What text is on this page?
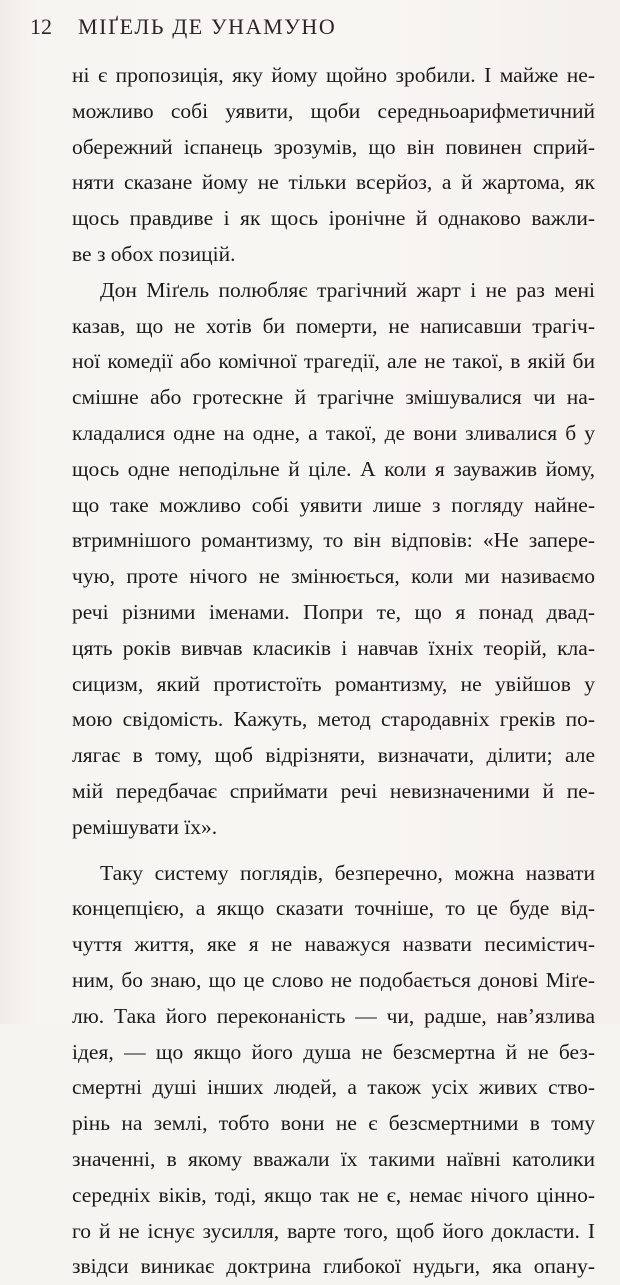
12 МІҐЕЛЬ ДЕ УНАМУНО
ні є пропозиція, яку йому щойно зробили. І майже не-
можливо собі уявити, щоби середньоарифметичний
обережний іспанець зрозумів, що він повинен сприй-
няти сказане йому не тільки всерйоз, а й жартома, як
щось правдиве і як щось іронічне й однаково важли-
ве з обох позицій.
Дон Міґель полюбляє трагічний жарт і не раз мені
казав, що не хотів би померти, не написавши трагіч-
ної комедії або комічної трагедії, але не такої, в якій би
смішне або гротескне й трагічне змішувалися чи на-
кладалися одне на одне, а такої, де вони зливалися б у
щось одне неподільне й ціле. А коли я зауважив йому,
що таке можливо собі уявити лише з погляду найне-
втримнішого романтизму, то він відповів: «Не запере-
чую, проте нічого не змінюється, коли ми називаємо
речі різними іменами. Попри те, що я понад двад-
цять років вивчав класиків і навчав їхніх теорій, кла-
сицизм, який протистоїть романтизму, не увійшов у
мою свідомість. Кажуть, метод стародавніх греків по-
лягає в тому, щоб відрізняти, визначати, ділити; але
мій передбачає сприймати речі невизначеними й пе-
ремішувати їх».
Таку систему поглядів, безперечно, можна назвати
концепцією, а якщо сказати точніше, то це буде від-
чуття життя, яке я не наважуся назвати песимістич-
ним, бо знаю, що це слово не подобається донові Міґе-
лю. Така його переконаність — чи, радше, нав’язлива
ідея, — що якщо його душа не безсмертна й не без-
смертні душі інших людей, а також усіх живих ство-
рінь на землі, тобто вони не є безсмертними в тому
значенні, в якому вважали їх такими наївні католики
середніх віків, тоді, якщо так не є, немає нічого цінно-
го й не існує зусилля, варте того, щоб його докласти. І
звідси виникає доктрина глибокої нудьги, яка опану-
